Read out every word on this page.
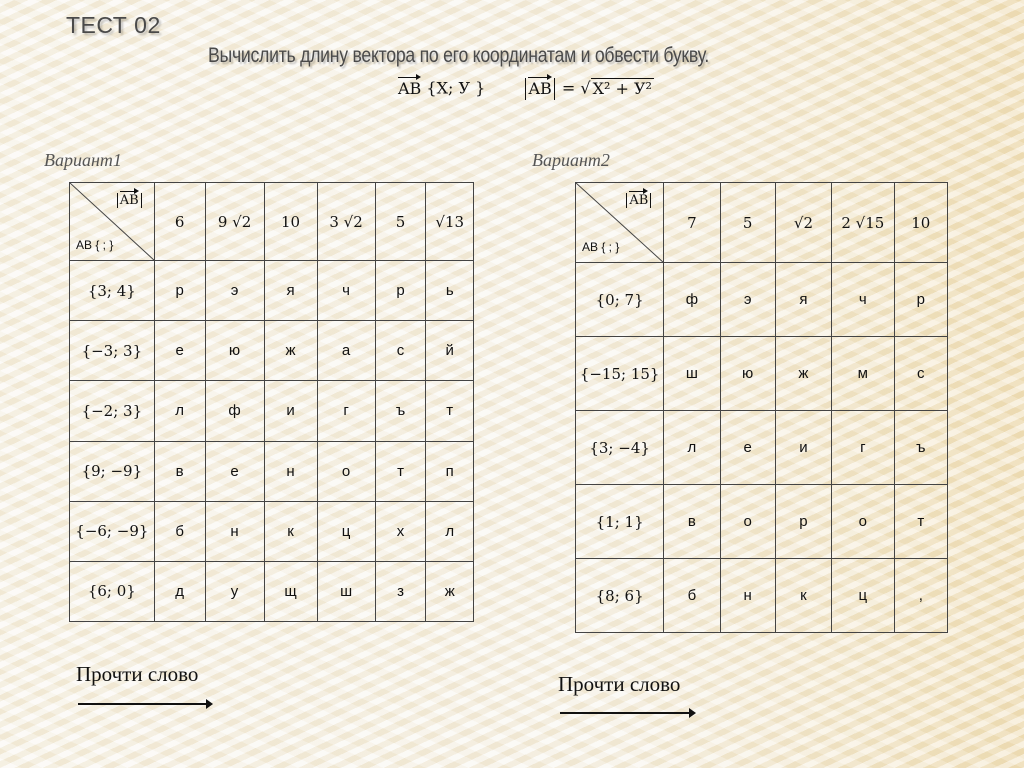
ТЕСТ 02

Вычислить длину вектора по его координатам и обвести букву.

AB {X; У }	AB = √ X² + У²
Вариант1	Вариант2
AB
AB { ; }	6	9 √2	10	3 √2	5	√13
{3; 4}	р	э	я	ч	р	ь
{−3; 3}	е	ю	ж	а	с	й
{−2; 3}	л	ф	и	г	ъ	т
{9; −9}	в	е	н	о	т	п
{−6; −9}	б	н	к	ц	х	л
{6; 0}	д	у	щ	ш	з	ж
AB
AB { ; }	7	5	√2	2 √15	10
{0; 7}	ф	э	я	ч	р
{−15; 15}	ш	ю	ж	м	с
{3; −4}	л	е	и	г	ъ
{1; 1}	в	о	р	о	т
{8; 6}	б	н	к	ц	,
Прочти слово	Прочти слово
